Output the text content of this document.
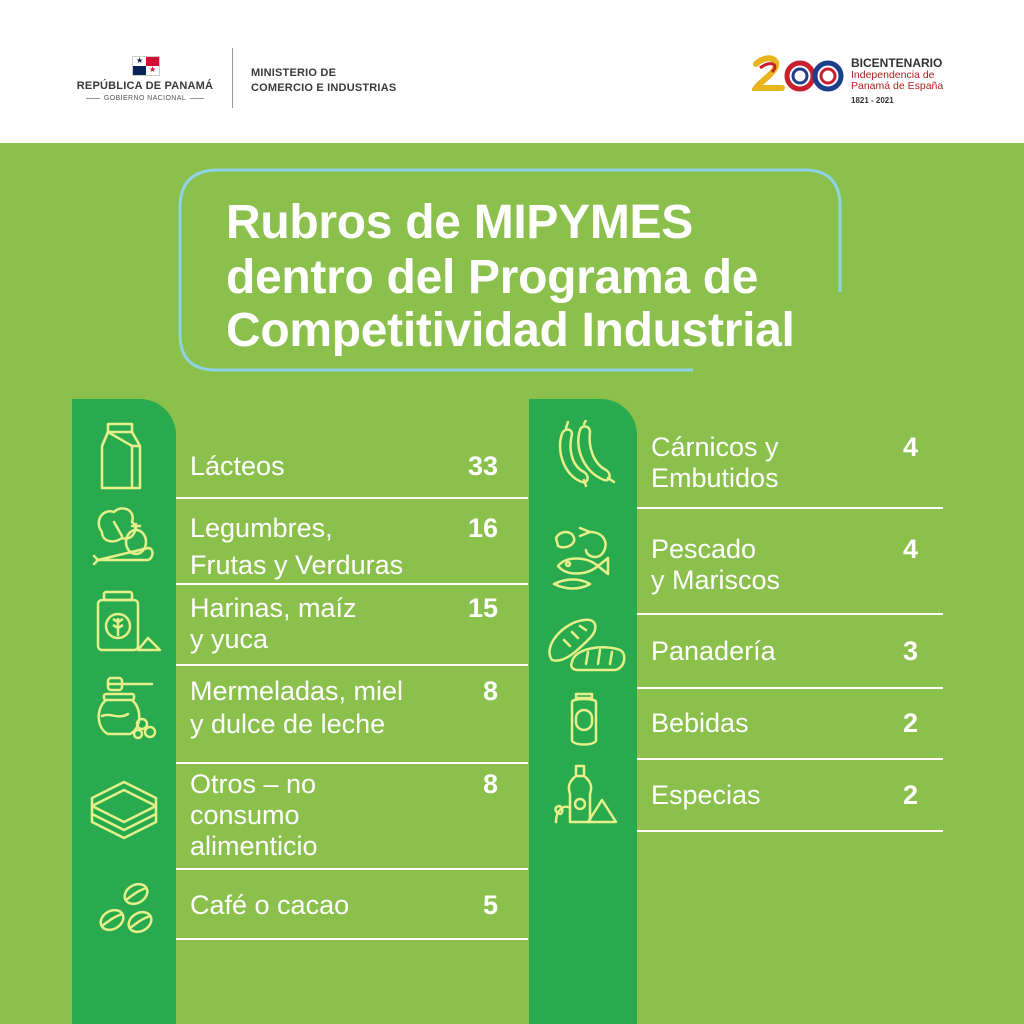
★
★
REPÚBLICA DE PANAMÁ
GOBIERNO NACIONAL
MINISTERIO DE
COMERCIO E INDUSTRIAS
BICENTENARIO
Independencia de
Panamá de España
1821 - 2021
Rubros de MIPYMES
dentro del Programa de
Competitividad Industrial
Lácteos	33
Legumbres,
Frutas y Verduras
16
Harinas, maíz
y yuca
15
Mermeladas, miel
y dulce de leche
8
Otros – no
consumo
alimenticio
8
Café o cacao	5
Cárnicos y
Embutidos
4
Pescado
y Mariscos
4
Panadería	3
Bebidas	2
Especias	2
